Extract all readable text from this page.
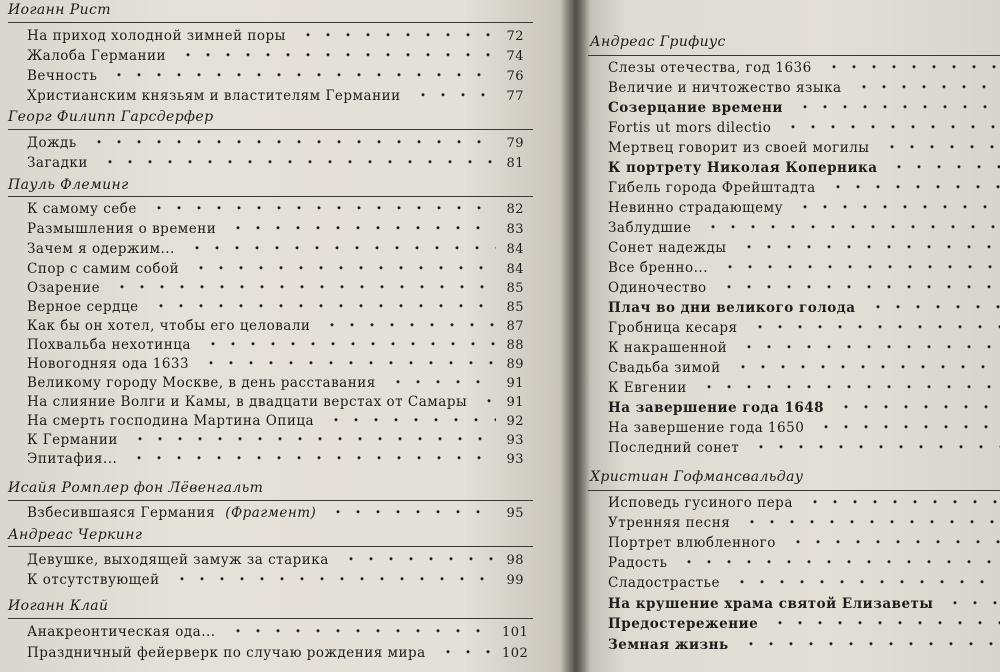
Иоганн Рист
На приход холодной зимней поры	72
Жалоба Германии	74
Вечность	76
Христианским князьям и властителям Германии	77
Георг Филипп Гарсдерфер
Дождь	79
Загадки	81
Пауль Флеминг
К самому себе	82
Размышления о времени	83
Зачем я одержим...	84
Спор с самим собой	84
Озарение	85
Верное сердце	85
Как бы он хотел, чтобы его целовали	87
Похвальба нехотинца	88
Новогодняя ода 1633	89
Великому городу Москве, в день расставания	91
На слияние Волги и Камы, в двадцати верстах от Самары	91
На смерть господина Мартина Опица	92
К Германии	93
Эпитафия...	93
Исайя Ромплер фон Лёвенгальт
Взбесившаяся Германия (Фрагмент)	95
Андреас Черкинг
Девушке, выходящей замуж за старика	98
К отсутствующей	99
Иоганн Клай
Анакреонтическая ода...	101
Праздничный фейерверк по случаю рождения мира	102
Андреас Грифиус
Слезы отечества, год 1636
Величие и ничтожество языка
Созерцание времени
Fortis ut mors dilectio
Мертвец говорит из своей могилы
К портрету Николая Коперника
Гибель города Фрейштадта
Невинно страдающему
Заблудшие
Сонет надежды
Все бренно...
Одиночество
Плач во дни великого голода
Гробница кесаря
К накрашенной
Свадьба зимой
К Евгении
На завершение года 1648
На завершение года 1650
Последний сонет
Христиан Гофмансвальдау
Исповедь гусиного пера
Утренняя песня
Портрет влюбленного
Радость
Сладострастье
На крушение храма святой Елизаветы
Предостережение
Земная жизнь
